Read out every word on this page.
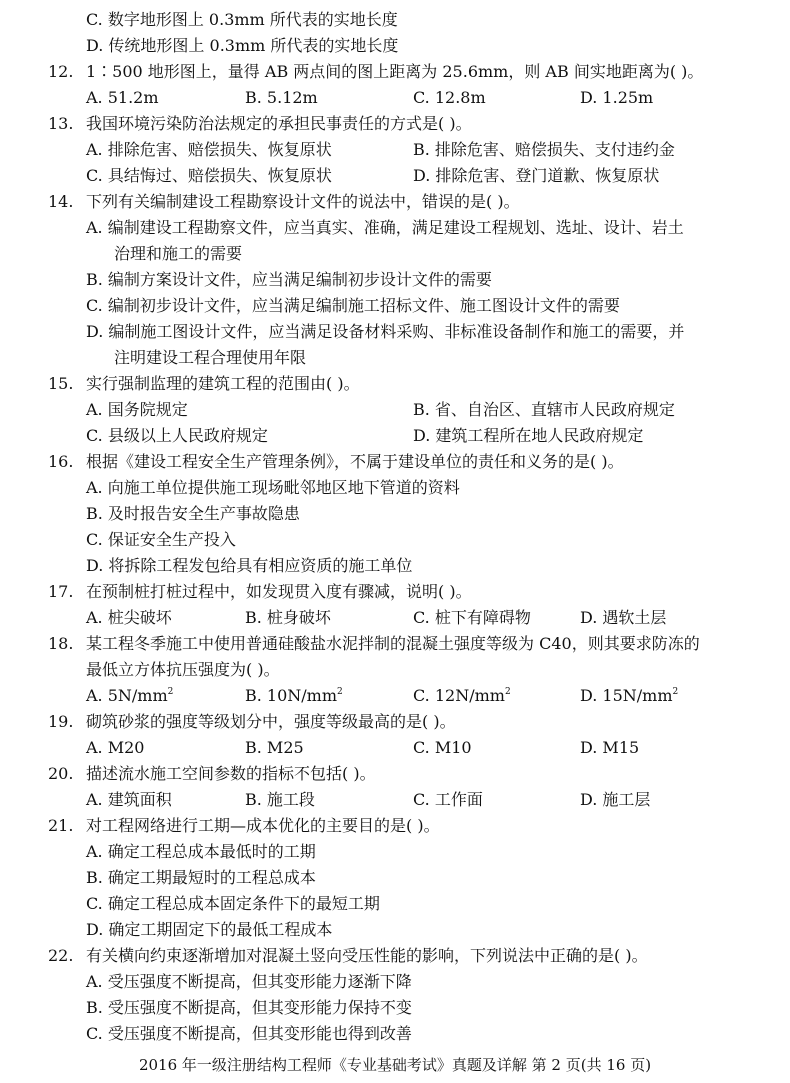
C. 数字地形图上 0.3mm 所代表的实地长度
D. 传统地形图上 0.3mm 所代表的实地长度
12. 1∶500 地形图上，量得 AB 两点间的图上距离为 25.6mm，则 AB 间实地距离为( )。
A. 51.2m	B. 5.12m	C. 12.8m	D. 1.25m
13. 我国环境污染防治法规定的承担民事责任的方式是( )。
A. 排除危害、赔偿损失、恢复原状	B. 排除危害、赔偿损失、支付违约金
C. 具结悔过、赔偿损失、恢复原状	D. 排除危害、登门道歉、恢复原状
14. 下列有关编制建设工程勘察设计文件的说法中，错误的是( )。
A. 编制建设工程勘察文件，应当真实、准确，满足建设工程规划、选址、设计、岩土
治理和施工的需要
B. 编制方案设计文件，应当满足编制初步设计文件的需要
C. 编制初步设计文件，应当满足编制施工招标文件、施工图设计文件的需要
D. 编制施工图设计文件，应当满足设备材料采购、非标准设备制作和施工的需要，并
注明建设工程合理使用年限
15. 实行强制监理的建筑工程的范围由( )。
A. 国务院规定	B. 省、自治区、直辖市人民政府规定
C. 县级以上人民政府规定	D. 建筑工程所在地人民政府规定
16. 根据《建设工程安全生产管理条例》，不属于建设单位的责任和义务的是( )。
A. 向施工单位提供施工现场毗邻地区地下管道的资料
B. 及时报告安全生产事故隐患
C. 保证安全生产投入
D. 将拆除工程发包给具有相应资质的施工单位
17. 在预制桩打桩过程中，如发现贯入度有骤减，说明( )。
A. 桩尖破坏	B. 桩身破坏	C. 桩下有障碍物	D. 遇软土层
18. 某工程冬季施工中使用普通硅酸盐水泥拌制的混凝土强度等级为 C40，则其要求防冻的
最低立方体抗压强度为( )。
A. $5N/mm^2$	B. $10N/mm^2$	C. $12N/mm^2$	D. $15N/mm^2$
19. 砌筑砂浆的强度等级划分中，强度等级最高的是( )。
A. M20	B. M25	C. M10	D. M15
20. 描述流水施工空间参数的指标不包括( )。
A. 建筑面积	B. 施工段	C. 工作面	D. 施工层
21. 对工程网络进行工期—成本优化的主要目的是( )。
A. 确定工程总成本最低时的工期
B. 确定工期最短时的工程总成本
C. 确定工程总成本固定条件下的最短工期
D. 确定工期固定下的最低工程成本
22. 有关横向约束逐渐增加对混凝土竖向受压性能的影响，下列说法中正确的是( )。
A. 受压强度不断提高，但其变形能力逐渐下降
B. 受压强度不断提高，但其变形能力保持不变
C. 受压强度不断提高，但其变形能也得到改善
2016 年一级注册结构工程师《专业基础考试》真题及详解 第 2 页(共 16 页)
